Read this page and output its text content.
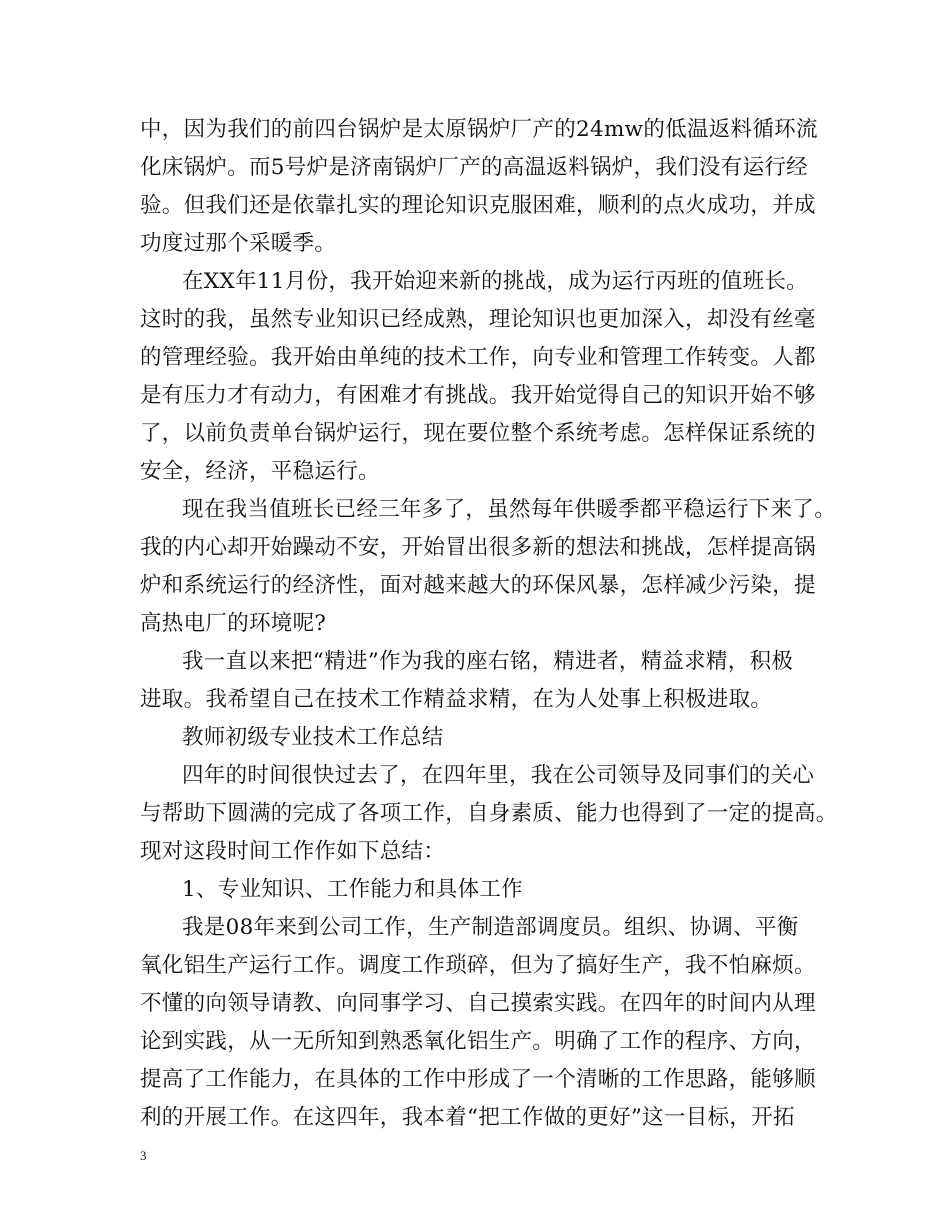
中，因为我们的前四台锅炉是太原锅炉厂产的24mw的低温返料循环流
化床锅炉。而5号炉是济南锅炉厂产的高温返料锅炉，我们没有运行经
验。但我们还是依靠扎实的理论知识克服困难，顺利的点火成功，并成
功度过那个采暖季。
在XX年11月份，我开始迎来新的挑战，成为运行丙班的值班长。
这时的我，虽然专业知识已经成熟，理论知识也更加深入，却没有丝毫
的管理经验。我开始由单纯的技术工作，向专业和管理工作转变。人都
是有压力才有动力，有困难才有挑战。我开始觉得自己的知识开始不够
了，以前负责单台锅炉运行，现在要位整个系统考虑。怎样保证系统的
安全，经济，平稳运行。
现在我当值班长已经三年多了，虽然每年供暖季都平稳运行下来了。
我的内心却开始躁动不安，开始冒出很多新的想法和挑战，怎样提高锅
炉和系统运行的经济性，面对越来越大的环保风暴，怎样减少污染，提
高热电厂的环境呢?
我一直以来把“精进”作为我的座右铭，精进者，精益求精，积极
进取。我希望自己在技术工作精益求精，在为人处事上积极进取。
教师初级专业技术工作总结
四年的时间很快过去了，在四年里，我在公司领导及同事们的关心
与帮助下圆满的完成了各项工作，自身素质、能力也得到了一定的提高。
现对这段时间工作作如下总结：
1、专业知识、工作能力和具体工作
我是08年来到公司工作，生产制造部调度员。组织、协调、平衡
氧化铝生产运行工作。调度工作琐碎，但为了搞好生产，我不怕麻烦。
不懂的向领导请教、向同事学习、自己摸索实践。在四年的时间内从理
论到实践，从一无所知到熟悉氧化铝生产。明确了工作的程序、方向，
提高了工作能力，在具体的工作中形成了一个清晰的工作思路，能够顺
利的开展工作。在这四年，我本着“把工作做的更好”这一目标，开拓
3
